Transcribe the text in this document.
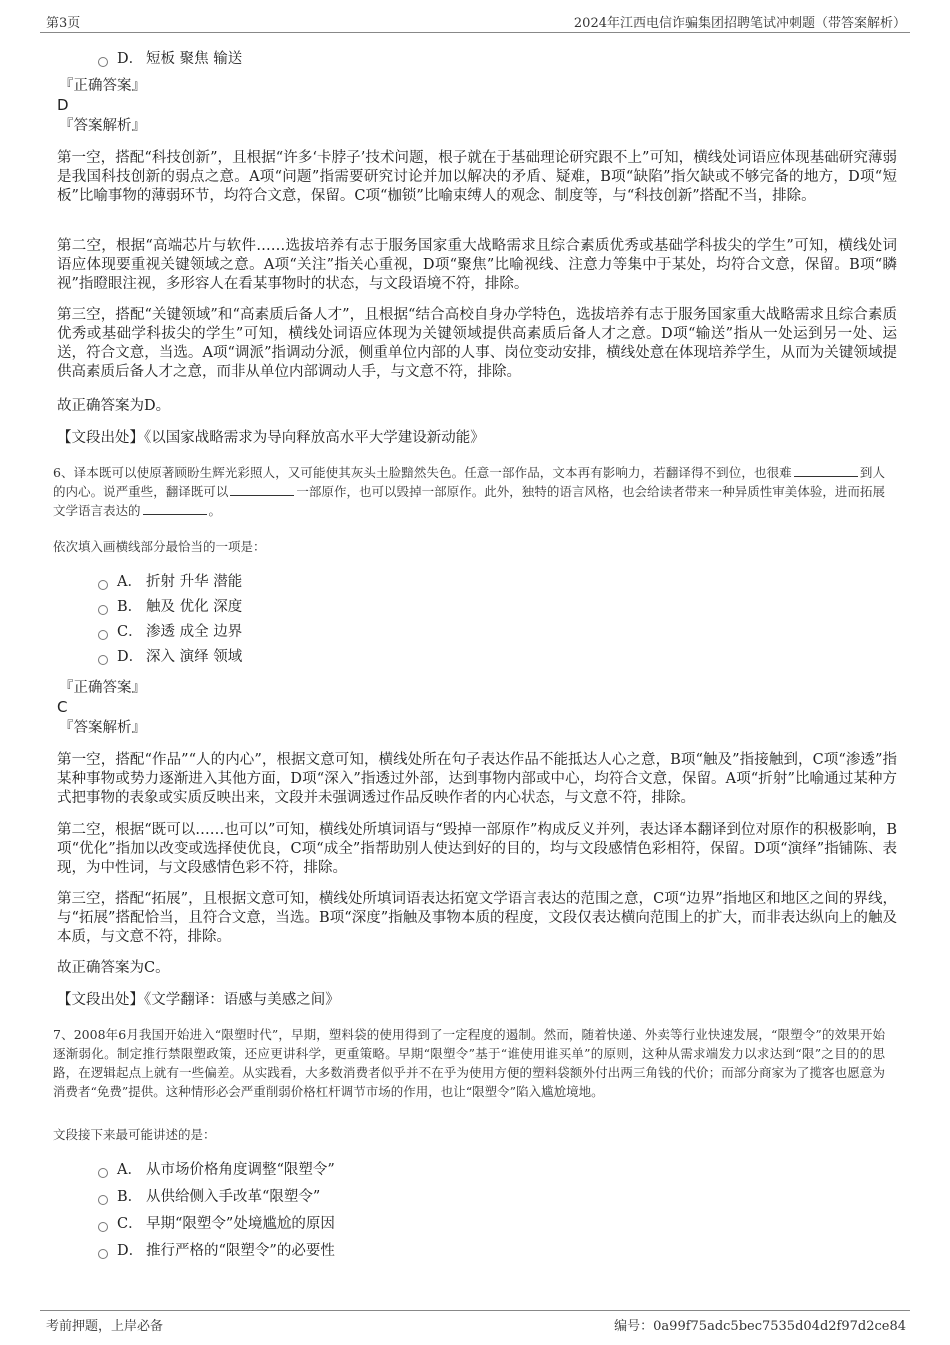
第3页	2024年江西电信诈骗集团招聘笔试冲刺题（带答案解析）
D． 短板 聚焦 输送
『正确答案』
D
『答案解析』

第一空，搭配“科技创新”，且根据“许多‘卡脖子’技术问题，根子就在于基础理论研究跟不上”可知，横线处词语应体现基础研究薄弱是我国科技创新的弱点之意。A项“问题”指需要研究讨论并加以解决的矛盾、疑难，B项“缺陷”指欠缺或不够完备的地方，D项“短板”比喻事物的薄弱环节，均符合文意，保留。C项“枷锁”比喻束缚人的观念、制度等，与“科技创新”搭配不当，排除。

第二空，根据“高端芯片与软件……选拔培养有志于服务国家重大战略需求且综合素质优秀或基础学科拔尖的学生”可知，横线处词语应体现要重视关键领域之意。A项“关注”指关心重视，D项“聚焦”比喻视线、注意力等集中于某处，均符合文意，保留。B项“瞵视”指瞪眼注视，多形容人在看某事物时的状态，与文段语境不符，排除。

第三空，搭配“关键领域”和“高素质后备人才”，且根据“结合高校自身办学特色，选拔培养有志于服务国家重大战略需求且综合素质优秀或基础学科拔尖的学生”可知，横线处词语应体现为关键领域提供高素质后备人才之意。D项“输送”指从一处运到另一处、运送，符合文意，当选。A项“调派”指调动分派，侧重单位内部的人事、岗位变动安排，横线处意在体现培养学生，从而为关键领域提供高素质后备人才之意，而非从单位内部调动人手，与文意不符，排除。

故正确答案为D。

【文段出处】《以国家战略需求为导向释放高水平大学建设新动能》

6、译本既可以使原著顾盼生辉光彩照人，又可能使其灰头土脸黯然失色。任意一部作品，文本再有影响力，若翻译得不到位，也很难	到人的内心。说严重些，翻译既可以	一部原作，也可以毁掉一部原作。此外，独特的语言风格，也会给读者带来一种异质性审美体验，进而拓展文学语言表达的	。

依次填入画横线部分最恰当的一项是：

A． 折射 升华 潜能
B． 触及 优化 深度
C． 渗透 成全 边界
D． 深入 演绎 领域
『正确答案』
C
『答案解析』

第一空，搭配“作品”“人的内心”，根据文意可知，横线处所在句子表达作品不能抵达人心之意，B项“触及”指接触到，C项“渗透”指某种事物或势力逐渐进入其他方面，D项“深入”指透过外部，达到事物内部或中心，均符合文意，保留。A项“折射”比喻通过某种方式把事物的表象或实质反映出来，文段并未强调透过作品反映作者的内心状态，与文意不符，排除。

第二空，根据“既可以……也可以”可知，横线处所填词语与“毁掉一部原作”构成反义并列，表达译本翻译到位对原作的积极影响，B项“优化”指加以改变或选择使优良，C项“成全”指帮助别人使达到好的目的，均与文段感情色彩相符，保留。D项“演绎”指铺陈、表现，为中性词，与文段感情色彩不符，排除。

第三空，搭配“拓展”，且根据文意可知，横线处所填词语表达拓宽文学语言表达的范围之意，C项“边界”指地区和地区之间的界线，与“拓展”搭配恰当，且符合文意，当选。B项“深度”指触及事物本质的程度，文段仅表达横向范围上的扩大，而非表达纵向上的触及本质，与文意不符，排除。

故正确答案为C。

【文段出处】《文学翻译：语感与美感之间》

7、2008年6月我国开始进入“限塑时代”，早期，塑料袋的使用得到了一定程度的遏制。然而，随着快递、外卖等行业快速发展，“限塑令”的效果开始逐渐弱化。制定推行禁限塑政策，还应更讲科学，更重策略。早期“限塑令”基于“谁使用谁买单”的原则，这种从需求端发力以求达到“限”之目的的思路，在逻辑起点上就有一些偏差。从实践看，大多数消费者似乎并不在乎为使用方便的塑料袋额外付出两三角钱的代价；而部分商家为了揽客也愿意为消费者“免费”提供。这种情形必会严重削弱价格杠杆调节市场的作用，也让“限塑令”陷入尴尬境地。

文段接下来最可能讲述的是：

A． 从市场价格角度调整“限塑令”
B． 从供给侧入手改革“限塑令”
C． 早期“限塑令”处境尴尬的原因
D． 推行严格的“限塑令”的必要性
考前押题，上岸必备	编号：0a99f75adc5bec7535d04d2f97d2ce84
